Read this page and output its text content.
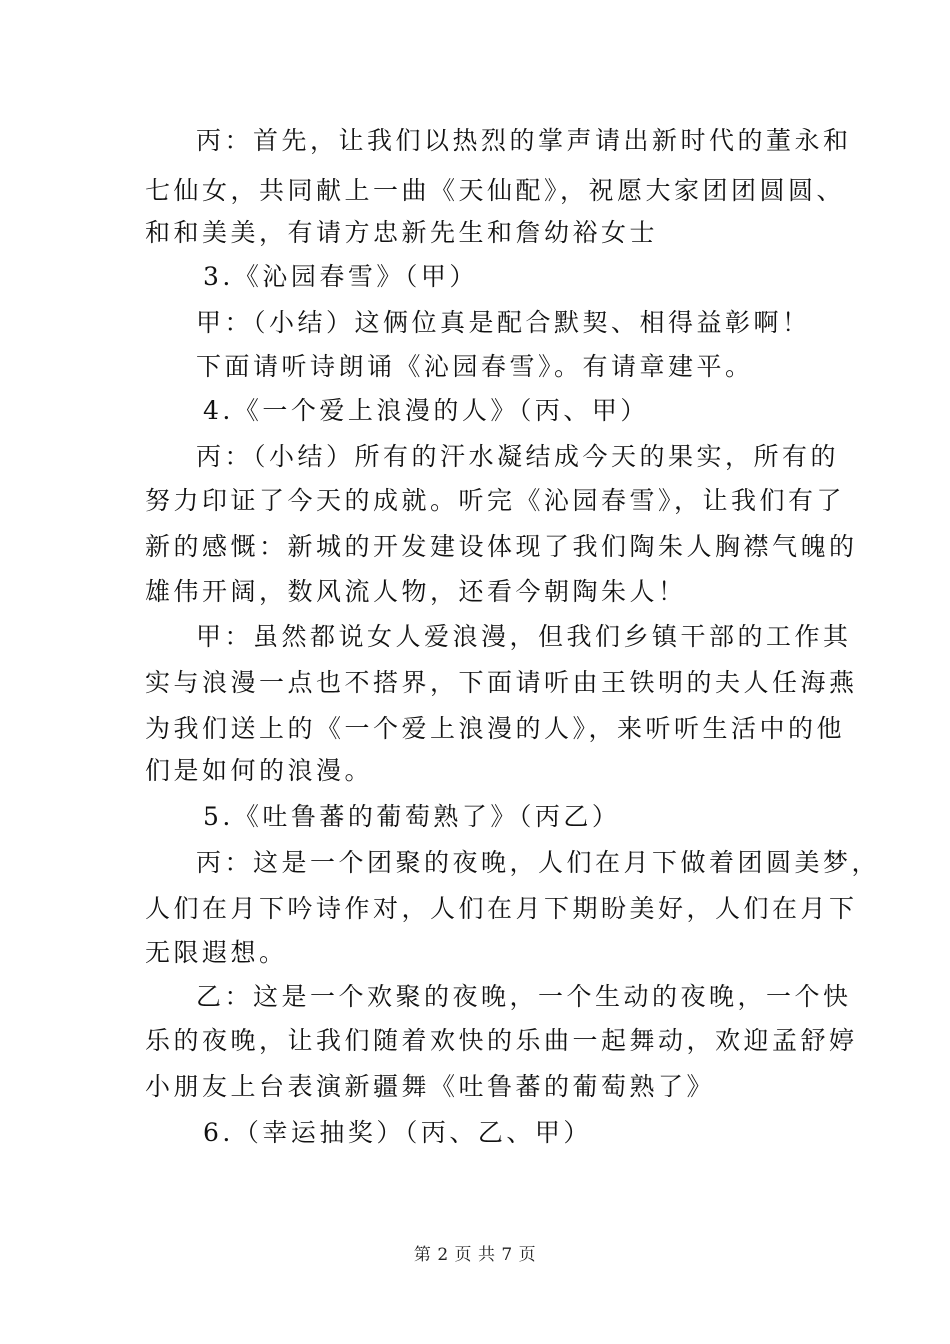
丙：首先，让我们以热烈的掌声请出新时代的董永和
七仙女，共同献上一曲《天仙配》，祝愿大家团团圆圆、
和和美美，有请方忠新先生和詹幼裕女士
3.《沁园春雪》（甲）
甲：（小结）这俩位真是配合默契、相得益彰啊！
下面请听诗朗诵《沁园春雪》。有请章建平。
4.《一个爱上浪漫的人》（丙、甲）
丙：（小结）所有的汗水凝结成今天的果实，所有的
努力印证了今天的成就。听完《沁园春雪》，让我们有了
新的感慨：新城的开发建设体现了我们陶朱人胸襟气魄的
雄伟开阔，数风流人物，还看今朝陶朱人！
甲：虽然都说女人爱浪漫，但我们乡镇干部的工作其
实与浪漫一点也不搭界，下面请听由王铁明的夫人任海燕
为我们送上的《一个爱上浪漫的人》，来听听生活中的他
们是如何的浪漫。
5.《吐鲁蕃的葡萄熟了》（丙乙）
丙：这是一个团聚的夜晚，人们在月下做着团圆美梦，
人们在月下吟诗作对，人们在月下期盼美好，人们在月下
无限遐想。
乙：这是一个欢聚的夜晚，一个生动的夜晚，一个快
乐的夜晚，让我们随着欢快的乐曲一起舞动，欢迎孟舒婷
小朋友上台表演新疆舞《吐鲁蕃的葡萄熟了》
6.（幸运抽奖）（丙、乙、甲）
第 2 页 共 7 页
